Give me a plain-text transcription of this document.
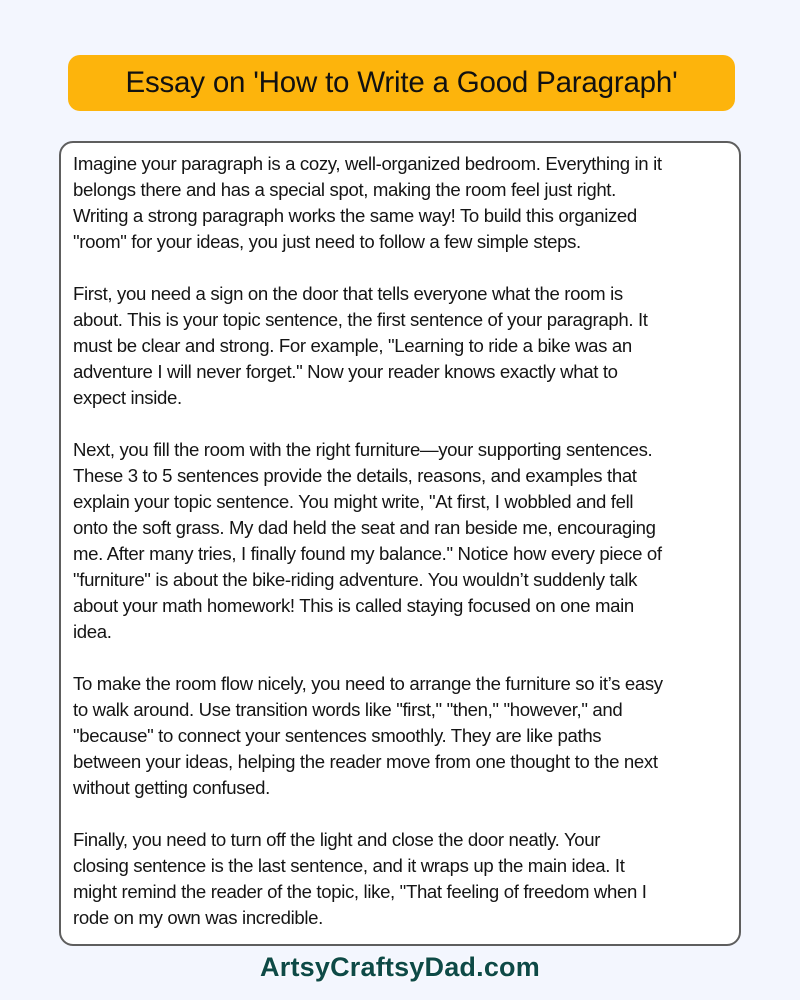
Essay on 'How to Write a Good Paragraph'

Imagine your paragraph is a cozy, well-organized bedroom. Everything in it
belongs there and has a special spot, making the room feel just right.
Writing a strong paragraph works the same way! To build this organized
"room" for your ideas, you just need to follow a few simple steps.

First, you need a sign on the door that tells everyone what the room is
about. This is your topic sentence, the first sentence of your paragraph. It
must be clear and strong. For example, "Learning to ride a bike was an
adventure I will never forget." Now your reader knows exactly what to
expect inside.

Next, you fill the room with the right furniture—your supporting sentences.
These 3 to 5 sentences provide the details, reasons, and examples that
explain your topic sentence. You might write, "At first, I wobbled and fell
onto the soft grass. My dad held the seat and ran beside me, encouraging
me. After many tries, I finally found my balance." Notice how every piece of
"furniture" is about the bike-riding adventure. You wouldn’t suddenly talk
about your math homework! This is called staying focused on one main
idea.

To make the room flow nicely, you need to arrange the furniture so it’s easy
to walk around. Use transition words like "first," "then," "however," and
"because" to connect your sentences smoothly. They are like paths
between your ideas, helping the reader move from one thought to the next
without getting confused.

Finally, you need to turn off the light and close the door neatly. Your
closing sentence is the last sentence, and it wraps up the main idea. It
might remind the reader of the topic, like, "That feeling of freedom when I
rode on my own was incredible.

ArtsyCraftsyDad.com
